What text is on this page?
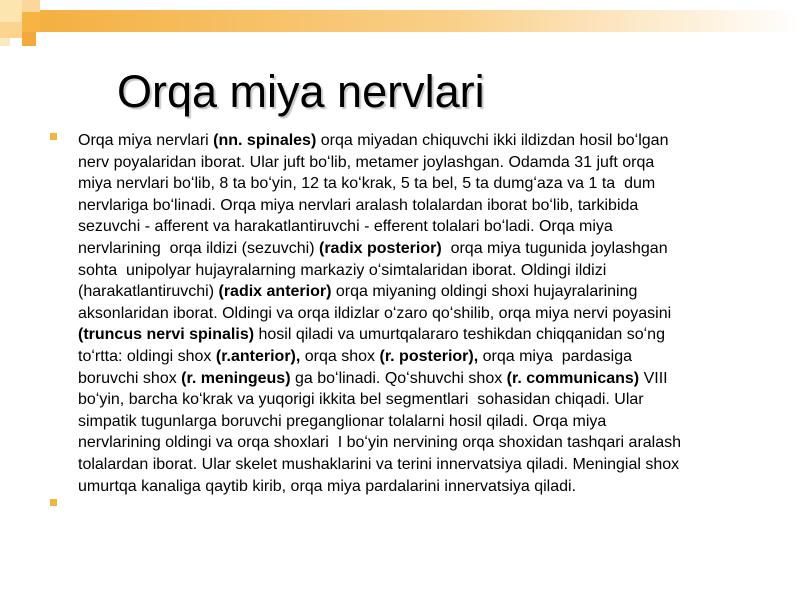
Orqa miya nervlari
Orqa miya nervlari (nn. spinales) orqa miyadan chiquvchi ikki ildizdan hosil boʻlgan
nerv poyalaridan iborat. Ular juft boʻlib, metamer joylashgan. Odamda 31 juft orqa
miya nervlari boʻlib, 8 ta boʻyin, 12 ta koʻkrak, 5 ta bel, 5 ta dumgʻaza va 1 ta  dum
nervlariga boʻlinadi. Orqa miya nervlari aralash tolalardan iborat boʻlib, tarkibida
sezuvchi - afferent va harakatlantiruvchi - efferent tolalari boʻladi. Orqa miya
nervlarining  orqa ildizi (sezuvchi) (radix posterior)  orqa miya tugunida joylashgan
sohta  unipolyar hujayralarning markaziy oʻsimtalaridan iborat. Oldingi ildizi
(harakatlantiruvchi) (radix anterior) orqa miyaning oldingi shoxi hujayralarining
aksonlaridan iborat. Oldingi va orqa ildizlar oʻzaro qoʻshilib, orqa miya nervi poyasini
(truncus nervi spinalis) hosil qiladi va umurtqalararo teshikdan chiqqanidan soʻng
toʻrtta: oldingi shox (r.anterior), orqa shox (r. posterior), orqa miya  pardasiga
boruvchi shox (r. meningeus) ga boʻlinadi. Qoʻshuvchi shox (r. communicans) VIII
boʻyin, barcha koʻkrak va yuqorigi ikkita bel segmentlari  sohasidan chiqadi. Ular
simpatik tugunlarga boruvchi preganglionar tolalarni hosil qiladi. Orqa miya
nervlarining oldingi va orqa shoxlari  I boʻyin nervining orqa shoxidan tashqari aralash
tolalardan iborat. Ular skelet mushaklarini va terini innervatsiya qiladi. Meningial shox
umurtqa kanaliga qaytib kirib, orqa miya pardalarini innervatsiya qiladi.
